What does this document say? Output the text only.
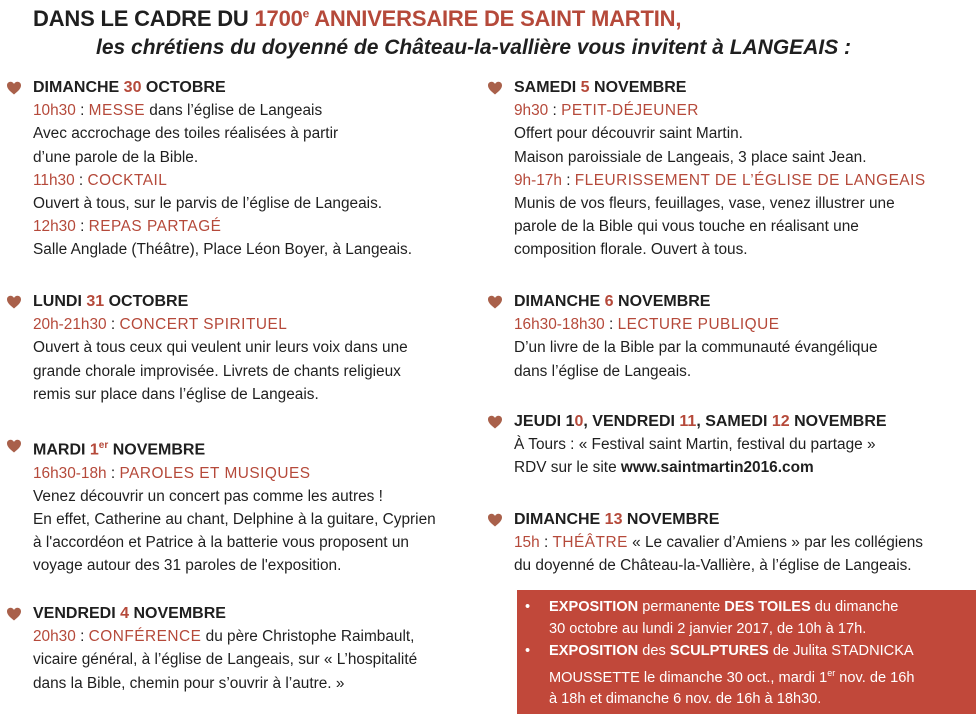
DANS LE CADRE DU 1700e ANNIVERSAIRE DE SAINT MARTIN,
les chrétiens du doyenné de Château-la-vallière vous invitent à LANGEAIS :
DIMANCHE 30 OCTOBRE
10h30 : MESSE dans l’église de Langeais
Avec accrochage des toiles réalisées à partir
d’une parole de la Bible.
11h30 : COCKTAIL
Ouvert à tous, sur le parvis de l’église de Langeais.
12h30 : REPAS PARTAGÉ
Salle Anglade (Théâtre), Place Léon Boyer, à Langeais.
LUNDI 31 OCTOBRE
20h-21h30 : CONCERT SPIRITUEL
Ouvert à tous ceux qui veulent unir leurs voix dans une
grande chorale improvisée. Livrets de chants religieux
remis sur place dans l’église de Langeais.
MARDI 1er NOVEMBRE
16h30-18h : PAROLES ET MUSIQUES
Venez découvrir un concert pas comme les autres !
En effet, Catherine au chant, Delphine à la guitare, Cyprien
à l'accordéon et Patrice à la batterie vous proposent un
voyage autour des 31 paroles de l'exposition.
VENDREDI 4 NOVEMBRE
20h30 : CONFÉRENCE du père Christophe Raimbault,
vicaire général, à l’église de Langeais, sur « L’hospitalité
dans la Bible, chemin pour s’ouvrir à l’autre. »
SAMEDI 5 NOVEMBRE
9h30 : PETIT-DÉJEUNER
Offert pour découvrir saint Martin.
Maison paroissiale de Langeais, 3 place saint Jean.
9h-17h : FLEURISSEMENT DE L’ÉGLISE DE LANGEAIS
Munis de vos fleurs, feuillages, vase, venez illustrer une
parole de la Bible qui vous touche en réalisant une
composition florale. Ouvert à tous.
DIMANCHE 6 NOVEMBRE
16h30-18h30 : LECTURE PUBLIQUE
D’un livre de la Bible par la communauté évangélique
dans l’église de Langeais.
JEUDI 10, VENDREDI 11, SAMEDI 12 NOVEMBRE
À Tours : « Festival saint Martin, festival du partage »
RDV sur le site www.saintmartin2016.com
DIMANCHE 13 NOVEMBRE
15h : THÉÂTRE « Le cavalier d’Amiens » par les collégiens
du doyenné de Château-la-Vallière, à l’église de Langeais.
• EXPOSITION permanente DES TOILES du dimanche
30 octobre au lundi 2 janvier 2017, de 10h à 17h.
• EXPOSITION des SCULPTURES de Julita STADNICKA
MOUSSETTE le dimanche 30 oct., mardi 1er nov. de 16h
à 18h et dimanche 6 nov. de 16h à 18h30.
